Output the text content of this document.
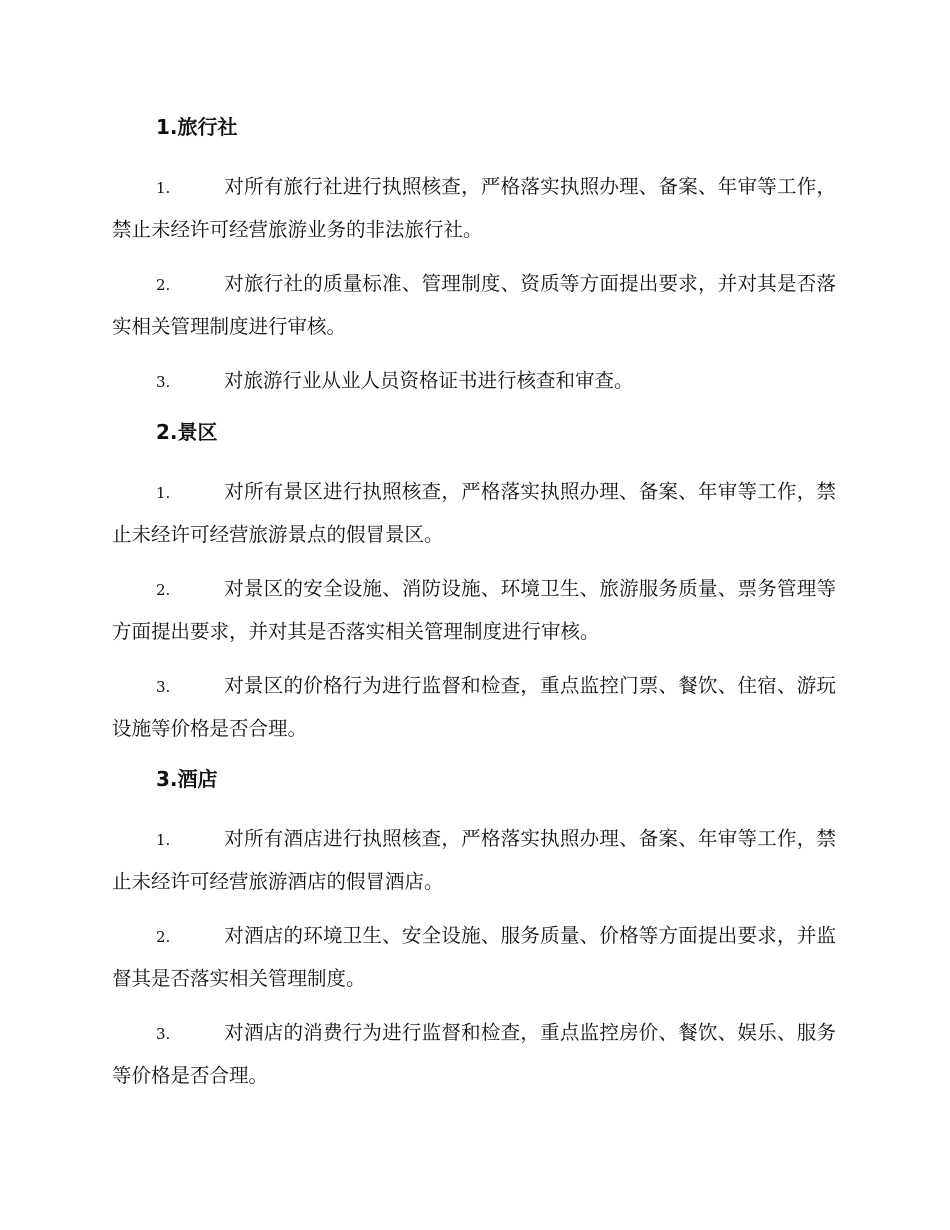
1.旅行社

1.	对所有旅行社进行执照核查，严格落实执照办理、备案、年审等工作，禁止未经许可经营旅游业务的非法旅行社。

2.	对旅行社的质量标准、管理制度、资质等方面提出要求，并对其是否落实相关管理制度进行审核。

3.	对旅游行业从业人员资格证书进行核查和审查。

2.景区

1.	对所有景区进行执照核查，严格落实执照办理、备案、年审等工作，禁止未经许可经营旅游景点的假冒景区。

2.	对景区的安全设施、消防设施、环境卫生、旅游服务质量、票务管理等方面提出要求，并对其是否落实相关管理制度进行审核。

3.	对景区的价格行为进行监督和检查，重点监控门票、餐饮、住宿、游玩设施等价格是否合理。

3.酒店

1.	对所有酒店进行执照核查，严格落实执照办理、备案、年审等工作，禁止未经许可经营旅游酒店的假冒酒店。

2.	对酒店的环境卫生、安全设施、服务质量、价格等方面提出要求，并监督其是否落实相关管理制度。

3.	对酒店的消费行为进行监督和检查，重点监控房价、餐饮、娱乐、服务等价格是否合理。
